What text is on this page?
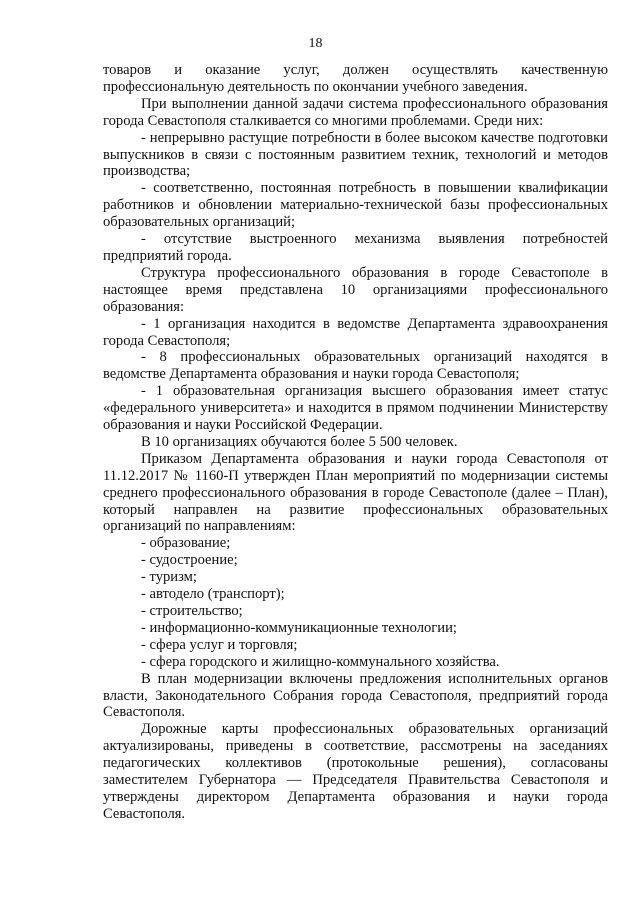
18

товаров и оказание услуг, должен осуществлять качественную профессиональную деятельность по окончании учебного заведения.

При выполнении данной задачи система профессионального образования города Севастополя сталкивается со многими проблемами. Среди них:

- непрерывно растущие потребности в более высоком качестве подготовки выпускников в связи с постоянным развитием техник, технологий и методов производства;

- соответственно, постоянная потребность в повышении квалификации работников и обновлении материально-технической базы профессиональных образовательных организаций;

- отсутствие выстроенного механизма выявления потребностей предприятий города.

Структура профессионального образования в городе Севастополе в настоящее время представлена 10 организациями профессионального образования:

- 1 организация находится в ведомстве Департамента здравоохранения города Севастополя;

- 8 профессиональных образовательных организаций находятся в ведомстве Департамента образования и науки города Севастополя;

- 1 образовательная организация высшего образования имеет статус «федерального университета» и находится в прямом подчинении Министерству образования и науки Российской Федерации.

В 10 организациях обучаются более 5 500 человек.

Приказом Департамента образования и науки города Севастополя от 11.12.2017 № 1160-П утвержден План мероприятий по модернизации системы среднего профессионального образования в городе Севастополе (далее – План), который направлен на развитие профессиональных образовательных организаций по направлениям:

- образование;

- судостроение;

- туризм;

- автодело (транспорт);

- строительство;

- информационно-коммуникационные технологии;

- сфера услуг и торговля;

- сфера городского и жилищно-коммунального хозяйства.

В план модернизации включены предложения исполнительных органов власти, Законодательного Собрания города Севастополя, предприятий города Севастополя.

Дорожные карты профессиональных образовательных организаций актуализированы, приведены в соответствие, рассмотрены на заседаниях педагогических коллективов (протокольные решения), согласованы заместителем Губернатора — Председателя Правительства Севастополя и утверждены директором Департамента образования и науки города Севастополя.
